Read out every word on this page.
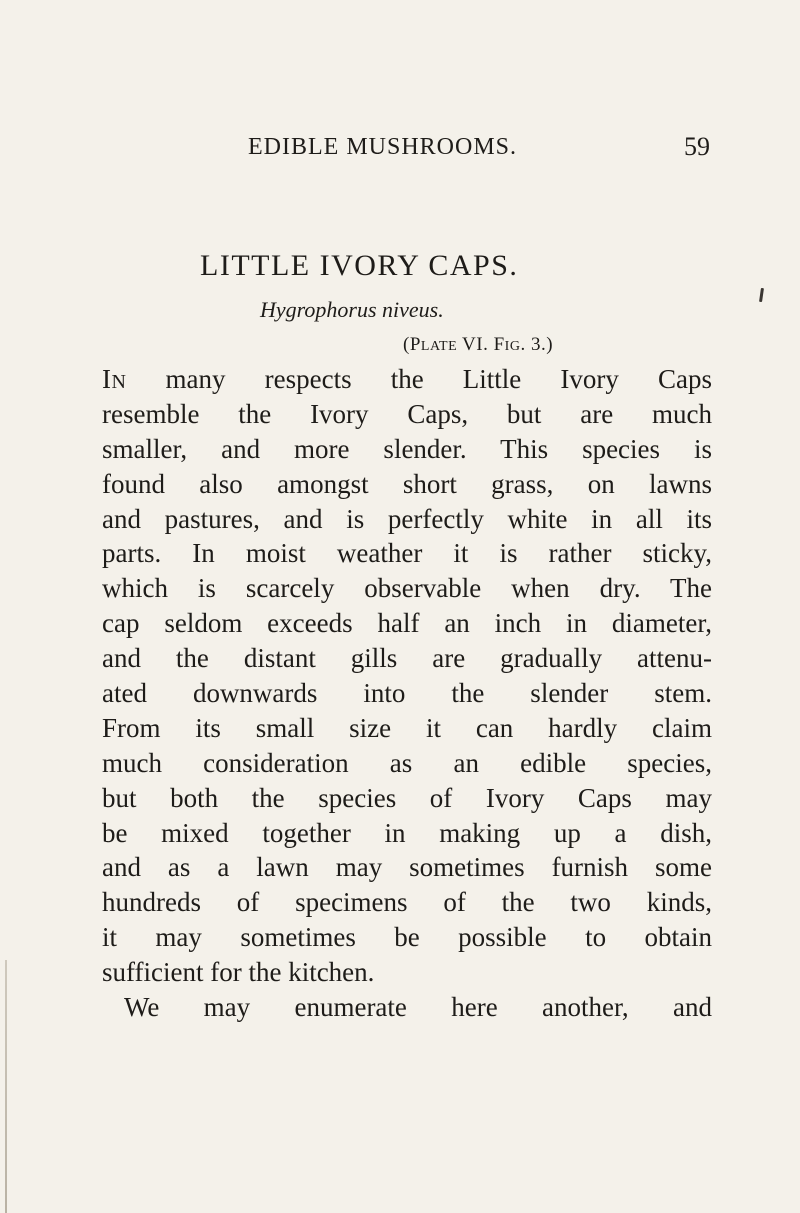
EDIBLE MUSHROOMS.	59
LITTLE IVORY CAPS.
Hygrophorus niveus.
(PLATE VI. FIG. 3.)
IN many respects the Little Ivory Caps
resemble the Ivory Caps, but are much
smaller, and more slender. This species is
found also amongst short grass, on lawns
and pastures, and is perfectly white in all its
parts. In moist weather it is rather sticky,
which is scarcely observable when dry. The
cap seldom exceeds half an inch in diameter,
and the distant gills are gradually attenu-
ated downwards into the slender stem.
From its small size it can hardly claim
much consideration as an edible species,
but both the species of Ivory Caps may
be mixed together in making up a dish,
and as a lawn may sometimes furnish some
hundreds of specimens of the two kinds,
it may sometimes be possible to obtain
sufficient for the kitchen.
We may enumerate here another, and
